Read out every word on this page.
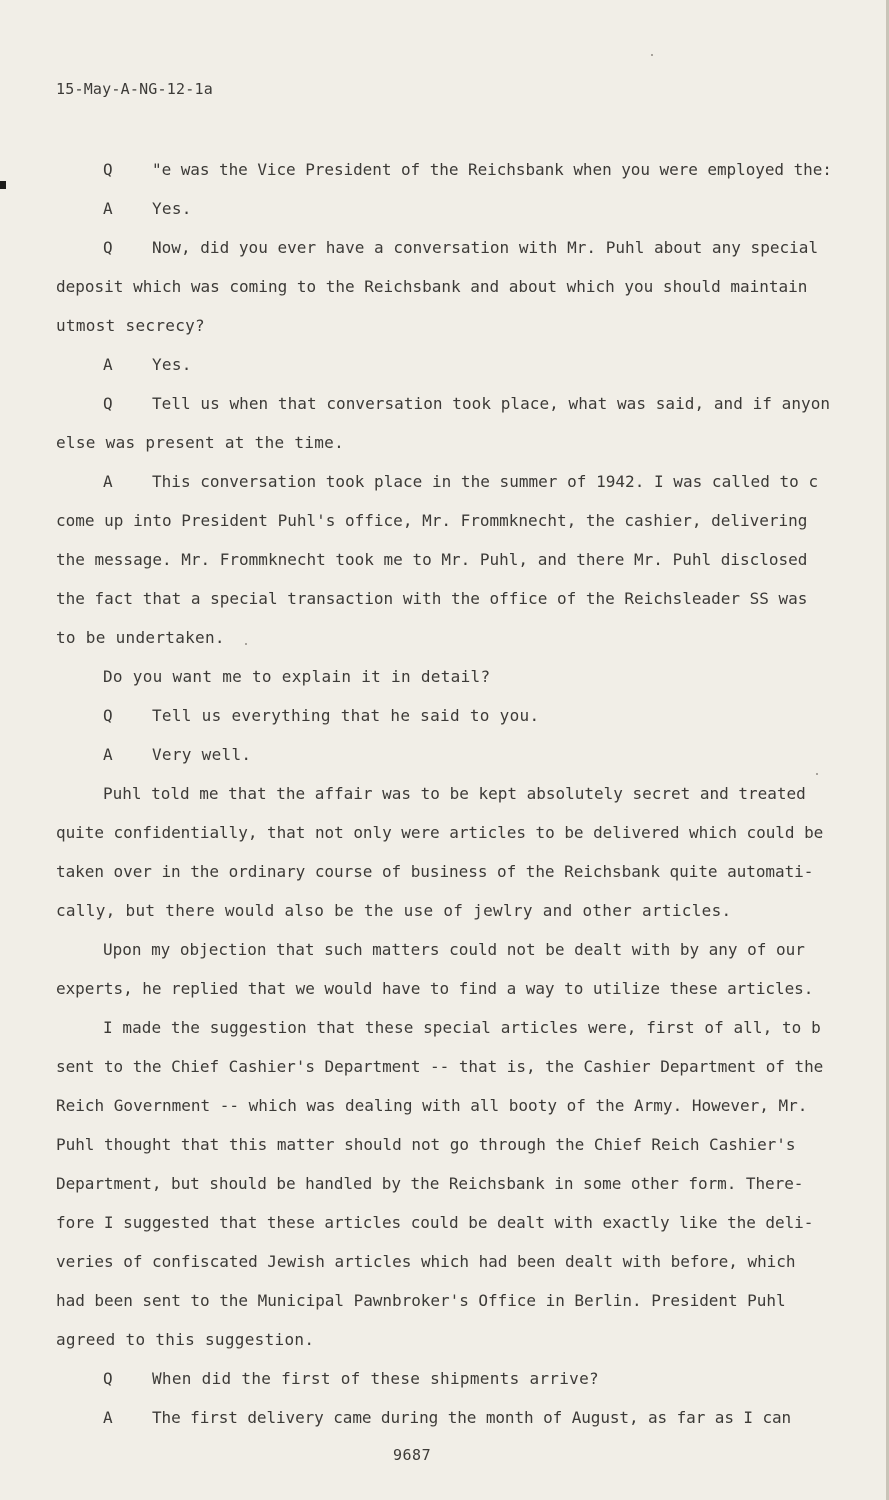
15-May-A-NG-12-1a
Q "e was the Vice President of the Reichsbank when you were employed the:
A Yes.
Q Now, did you ever have a conversation with Mr. Puhl about any special
deposit which was coming to the Reichsbank and about which you should maintain
utmost secrecy?
A Yes.
Q Tell us when that conversation took place, what was said, and if anyon
else was present at the time.
A This conversation took place in the summer of 1942. I was called to c
come up into President Puhl's office, Mr. Frommknecht, the cashier, delivering
the message. Mr. Frommknecht took me to Mr. Puhl, and there Mr. Puhl disclosed
the fact that a special transaction with the office of the Reichsleader SS was
to be undertaken.
Do you want me to explain it in detail?
Q Tell us everything that he said to you.
A Very well.
Puhl told me that the affair was to be kept absolutely secret and treated
quite confidentially, that not only were articles to be delivered which could be
taken over in the ordinary course of business of the Reichsbank quite automati-
cally, but there would also be the use of jewlry and other articles.
Upon my objection that such matters could not be dealt with by any of our
experts, he replied that we would have to find a way to utilize these articles.
I made the suggestion that these special articles were, first of all, to b
sent to the Chief Cashier's Department -- that is, the Cashier Department of the
Reich Government -- which was dealing with all booty of the Army. However, Mr.
Puhl thought that this matter should not go through the Chief Reich Cashier's
Department, but should be handled by the Reichsbank in some other form. There-
fore I suggested that these articles could be dealt with exactly like the deli-
veries of confiscated Jewish articles which had been dealt with before, which
had been sent to the Municipal Pawnbroker's Office in Berlin. President Puhl
agreed to this suggestion.
Q When did the first of these shipments arrive?
A The first delivery came during the month of August, as far as I can
9687
